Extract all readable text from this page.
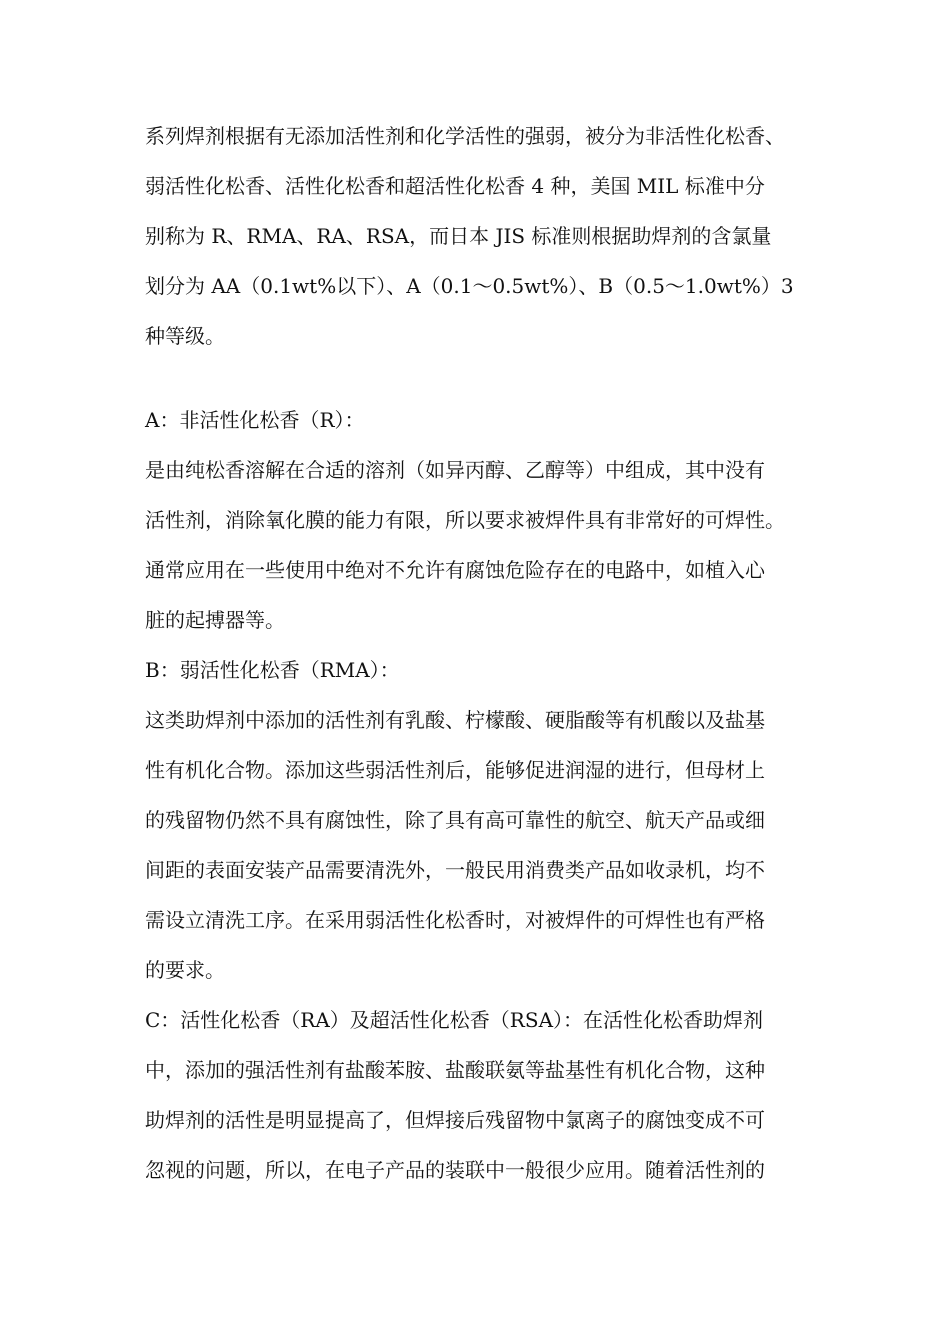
系列焊剂根据有无添加活性剂和化学活性的强弱，被分为非活性化松香、
弱活性化松香、活性化松香和超活性化松香 4 种，美国 MIL 标准中分
别称为 R、RMA、RA、RSA，而日本 JIS 标准则根据助焊剂的含氯量
划分为 AA（0.1wt%以下）、A（0.1～0.5wt%）、B（0.5～1.0wt%）3
种等级。
A：非活性化松香（R）：
是由纯松香溶解在合适的溶剂（如异丙醇、乙醇等）中组成，其中没有
活性剂，消除氧化膜的能力有限，所以要求被焊件具有非常好的可焊性。
通常应用在一些使用中绝对不允许有腐蚀危险存在的电路中，如植入心
脏的起搏器等。
B：弱活性化松香（RMA）：
这类助焊剂中添加的活性剂有乳酸、柠檬酸、硬脂酸等有机酸以及盐基
性有机化合物。添加这些弱活性剂后，能够促进润湿的进行，但母材上
的残留物仍然不具有腐蚀性，除了具有高可靠性的航空、航天产品或细
间距的表面安装产品需要清洗外，一般民用消费类产品如收录机，均不
需设立清洗工序。在采用弱活性化松香时，对被焊件的可焊性也有严格
的要求。
C：活性化松香（RA）及超活性化松香（RSA）：在活性化松香助焊剂
中，添加的强活性剂有盐酸苯胺、盐酸联氨等盐基性有机化合物，这种
助焊剂的活性是明显提高了，但焊接后残留物中氯离子的腐蚀变成不可
忽视的问题，所以，在电子产品的装联中一般很少应用。随着活性剂的
